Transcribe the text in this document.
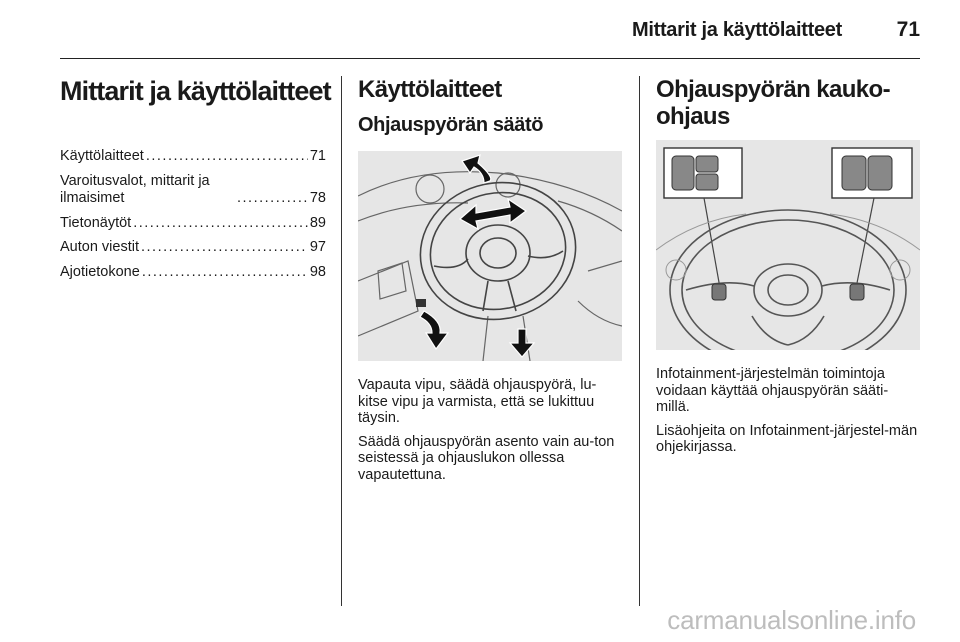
Mittarit ja käyttölaitteet	71
Mittarit ja käyttölaitteet
Käyttölaitteet .....	71
Varoitusvalot, mittarit ja ilmaisimet .....	78
Tietonäytöt .....	89
Auton viestit .....	97
Ajotietokone .....	98
Käyttölaitteet
Ohjauspyörän säätö

Vapauta vipu, säädä ohjauspyörä, lu-kitse vipu ja varmista, että se lukittuu täysin.

Säädä ohjauspyörän asento vain au-ton seistessä ja ohjauslukon ollessa vapautettuna.

Ohjauspyörän kauko-ohjaus

Infotainment-järjestelmän toimintoja voidaan käyttää ohjauspyörän sääti-millä.

Lisäohjeita on Infotainment-järjestel-män ohjekirjassa.

carmanualsonline.info
